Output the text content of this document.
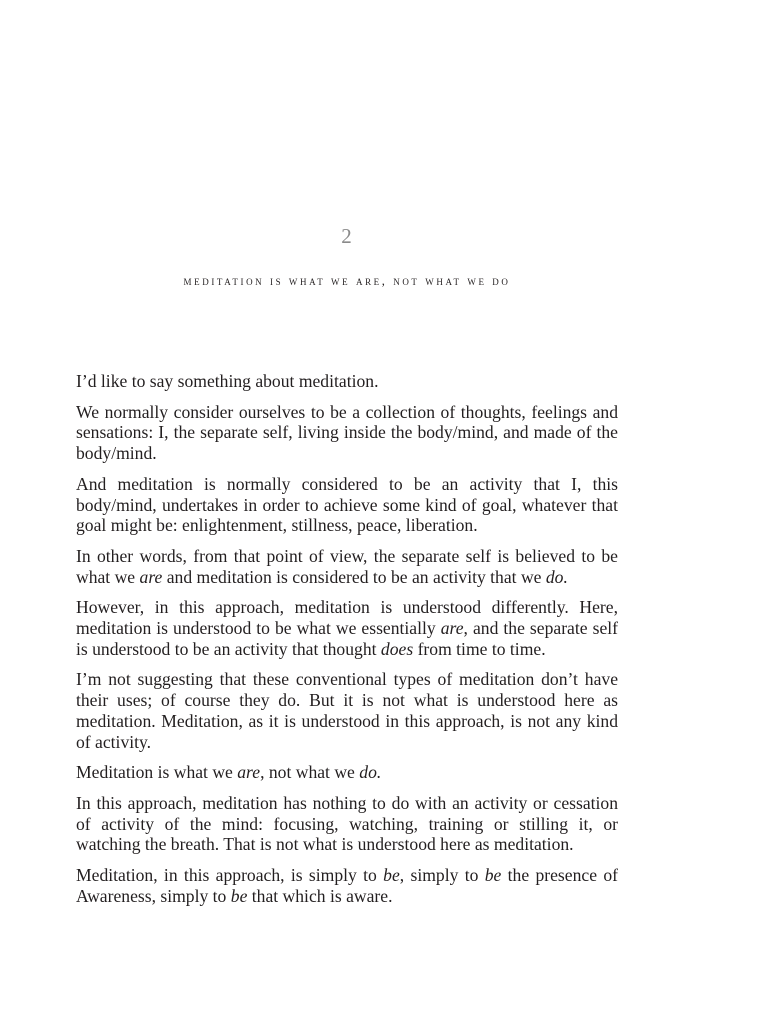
2
meditation is what we are, not what we do

I’d like to say something about meditation.

We normally consider ourselves to be a collection of thoughts, feelings and sensations: I, the separate self, living inside the body/mind, and made of the body/mind.

And meditation is normally considered to be an activity that I, this body/mind, undertakes in order to achieve some kind of goal, whatever that goal might be: enlightenment, stillness, peace, liberation.

In other words, from that point of view, the separate self is believed to be what we are and meditation is considered to be an activity that we do.

However, in this approach, meditation is understood differently. Here, meditation is understood to be what we essentially are, and the separate self is understood to be an activity that thought does from time to time.

I’m not suggesting that these conventional types of meditation don’t have their uses; of course they do. But it is not what is understood here as meditation. Meditation, as it is understood in this approach, is not any kind of activity.

Meditation is what we are, not what we do.

In this approach, meditation has nothing to do with an activity or cessation of activity of the mind: focusing, watching, training or stilling it, or watching the breath. That is not what is understood here as meditation.

Meditation, in this approach, is simply to be, simply to be the presence of Awareness, simply to be that which is aware.
